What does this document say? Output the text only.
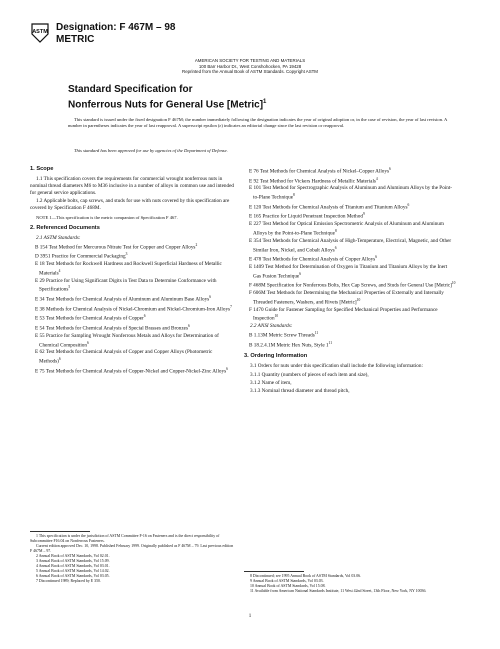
ASTM Designation: F 467M – 98
METRIC
AMERICAN SOCIETY FOR TESTING AND MATERIALS
100 Barr Harbor Dr., West Conshohocken, PA 19428
Reprinted from the Annual Book of ASTM Standards. Copyright ASTM
Standard Specification for
Nonferrous Nuts for General Use [Metric]$^1$

This standard is issued under the fixed designation F 467M; the number immediately following the designation indicates the year of original adoption or, in the case of revision, the year of last revision. A number in parentheses indicates the year of last reapproval. A superscript epsilon (ε) indicates an editorial change since the last revision or reapproval.

This standard has been approved for use by agencies of the Department of Defense.
1. Scope

1.1 This specification covers the requirements for commercial wrought nonferrous nuts in nominal thread diameters M6 to M36 inclusive in a number of alloys in common use and intended for general service applications.

1.2 Applicable bolts, cap screws, and studs for use with nuts covered by this specification are covered by Specification F 468M.

NOTE 1—This specification is the metric companion of Specification F 467.

2. Referenced Documents

2.1 ASTM Standards:

B 154 Test Method for Mercurous Nitrate Test for Copper and Copper Alloys$^2$

D 3951 Practice for Commercial Packaging$^3$

E 18 Test Methods for Rockwell Hardness and Rockwell Superficial Hardness of Metallic Materials$^4$

E 29 Practice for Using Significant Digits in Test Data to Determine Conformance with Specifications$^5$

E 34 Test Methods for Chemical Analysis of Aluminum and Aluminum Base Alloys$^6$

E 38 Methods for Chemical Analysis of Nickel-Chromium and Nickel-Chromium-Iron Alloys$^7$

E 53 Test Methods for Chemical Analysis of Copper$^6$

E 54 Test Methods for Chemical Analysis of Special Brasses and Bronzes$^6$

E 55 Practice for Sampling Wrought Nonferrous Metals and Alloys for Determination of Chemical Composition$^6$

E 62 Test Methods for Chemical Analysis of Copper and Copper Alloys (Photometric Methods)$^6$

E 75 Test Methods for Chemical Analysis of Copper-Nickel and Copper-Nickel-Zinc Alloys$^6$

E 76 Test Methods for Chemical Analysis of Nickel–Copper Alloys$^6$

E 92 Test Method for Vickers Hardness of Metallic Materials$^4$

E 101 Test Method for Spectrographic Analysis of Aluminum and Aluminum Alloys by the Point-to-Plane Technique$^8$

E 120 Test Methods for Chemical Analysis of Titanium and Titanium Alloys$^6$

E 165 Practice for Liquid Penetrant Inspection Method$^9$

E 227 Test Method for Optical Emission Spectrometric Analysis of Aluminum and Aluminum Alloys by the Point-to-Plane Technique$^8$

E 354 Test Methods for Chemical Analysis of High-Temperature, Electrical, Magnetic, and Other Similar Iron, Nickel, and Cobalt Alloys$^6$

E 478 Test Methods for Chemical Analysis of Copper Alloys$^6$

E 1409 Test Method for Determination of Oxygen in Titanium and Titanium Alloys by the Inert Gas Fusion Technique$^6$

F 468M Specification for Nonferrous Bolts, Hex Cap Screws, and Studs for General Use [Metric]$^{10}$

F 606M Test Methods for Determining the Mechanical Properties of Externally and Internally Threaded Fasteners, Washers, and Rivets [Metric]$^{10}$

F 1470 Guide for Fastener Sampling for Specified Mechanical Properties and Performance Inspection$^{10}$

2.2 ANSI Standards:

B 1.13M Metric Screw Threads$^{11}$

B 18.2.4.1M Metric Hex Nuts, Style $1^{11}$

3. Ordering Information

3.1 Orders for nuts under this specification shall include the following information:

3.1.1 Quantity (numbers of pieces of each item and size),

3.1.2 Name of item,

3.1.3 Nominal thread diameter and thread pitch,

1 This specification is under the jurisdiction of ASTM Committee F-16 on Fasteners and is the direct responsibility of Subcommittee F16.04 on Nonferrous Fasteners.

Current edition approved Dec. 10, 1998. Published February 1999. Originally published as F 467M – 79. Last previous edition F 467M – 97.

2 Annual Book of ASTM Standards, Vol 02.01.

3 Annual Book of ASTM Standards, Vol 15.09.

4 Annual Book of ASTM Standards, Vol 03.01.

5 Annual Book of ASTM Standards, Vol 14.02.

6 Annual Book of ASTM Standards, Vol 03.05.

7 Discontinued 1989; Replaced by E 350.

8 Discontinued; see 1995 Annual Book of ASTM Standards, Vol 03.06.

9 Annual Book of ASTM Standards, Vol 03.03.

10 Annual Book of ASTM Standards, Vol 15.08.

11 Available from American National Standards Institute, 11 West 42nd Street, 13th Floor, New York, NY 10036.

1
